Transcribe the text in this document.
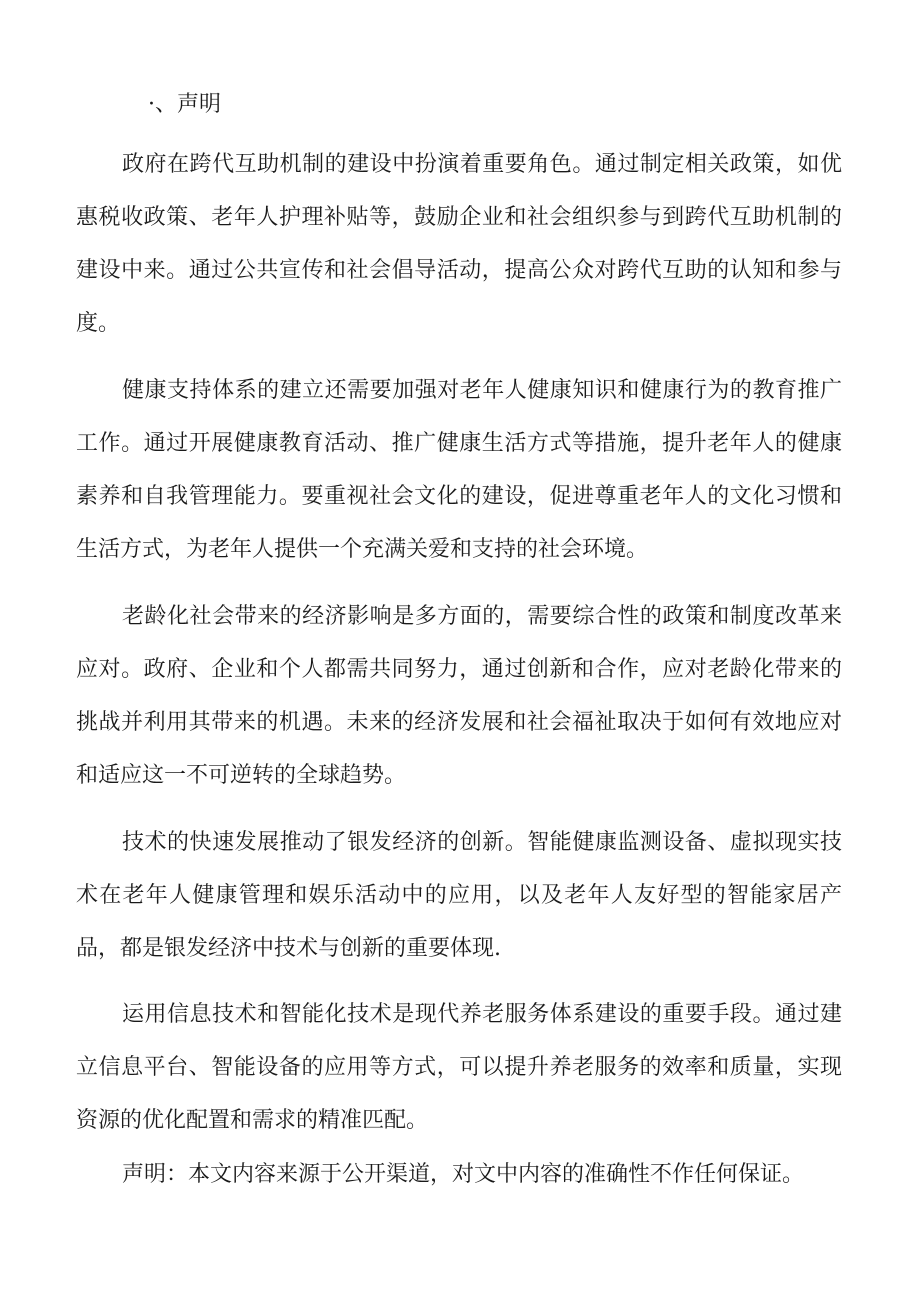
·、声明

政府在跨代互助机制的建设中扮演着重要角色。通过制定相关政策，如优惠税收政策、老年人护理补贴等，鼓励企业和社会组织参与到跨代互助机制的建设中来。通过公共宣传和社会倡导活动，提高公众对跨代互助的认知和参与度。

健康支持体系的建立还需要加强对老年人健康知识和健康行为的教育推广工作。通过开展健康教育活动、推广健康生活方式等措施，提升老年人的健康素养和自我管理能力。要重视社会文化的建设，促进尊重老年人的文化习惯和生活方式，为老年人提供一个充满关爱和支持的社会环境。

老龄化社会带来的经济影响是多方面的，需要综合性的政策和制度改革来应对。政府、企业和个人都需共同努力，通过创新和合作，应对老龄化带来的挑战并利用其带来的机遇。未来的经济发展和社会福祉取决于如何有效地应对和适应这一不可逆转的全球趋势。

技术的快速发展推动了银发经济的创新。智能健康监测设备、虚拟现实技术在老年人健康管理和娱乐活动中的应用，以及老年人友好型的智能家居产品，都是银发经济中技术与创新的重要体现.

运用信息技术和智能化技术是现代养老服务体系建设的重要手段。通过建立信息平台、智能设备的应用等方式，可以提升养老服务的效率和质量，实现资源的优化配置和需求的精准匹配。

声明：本文内容来源于公开渠道，对文中内容的准确性不作任何保证。
